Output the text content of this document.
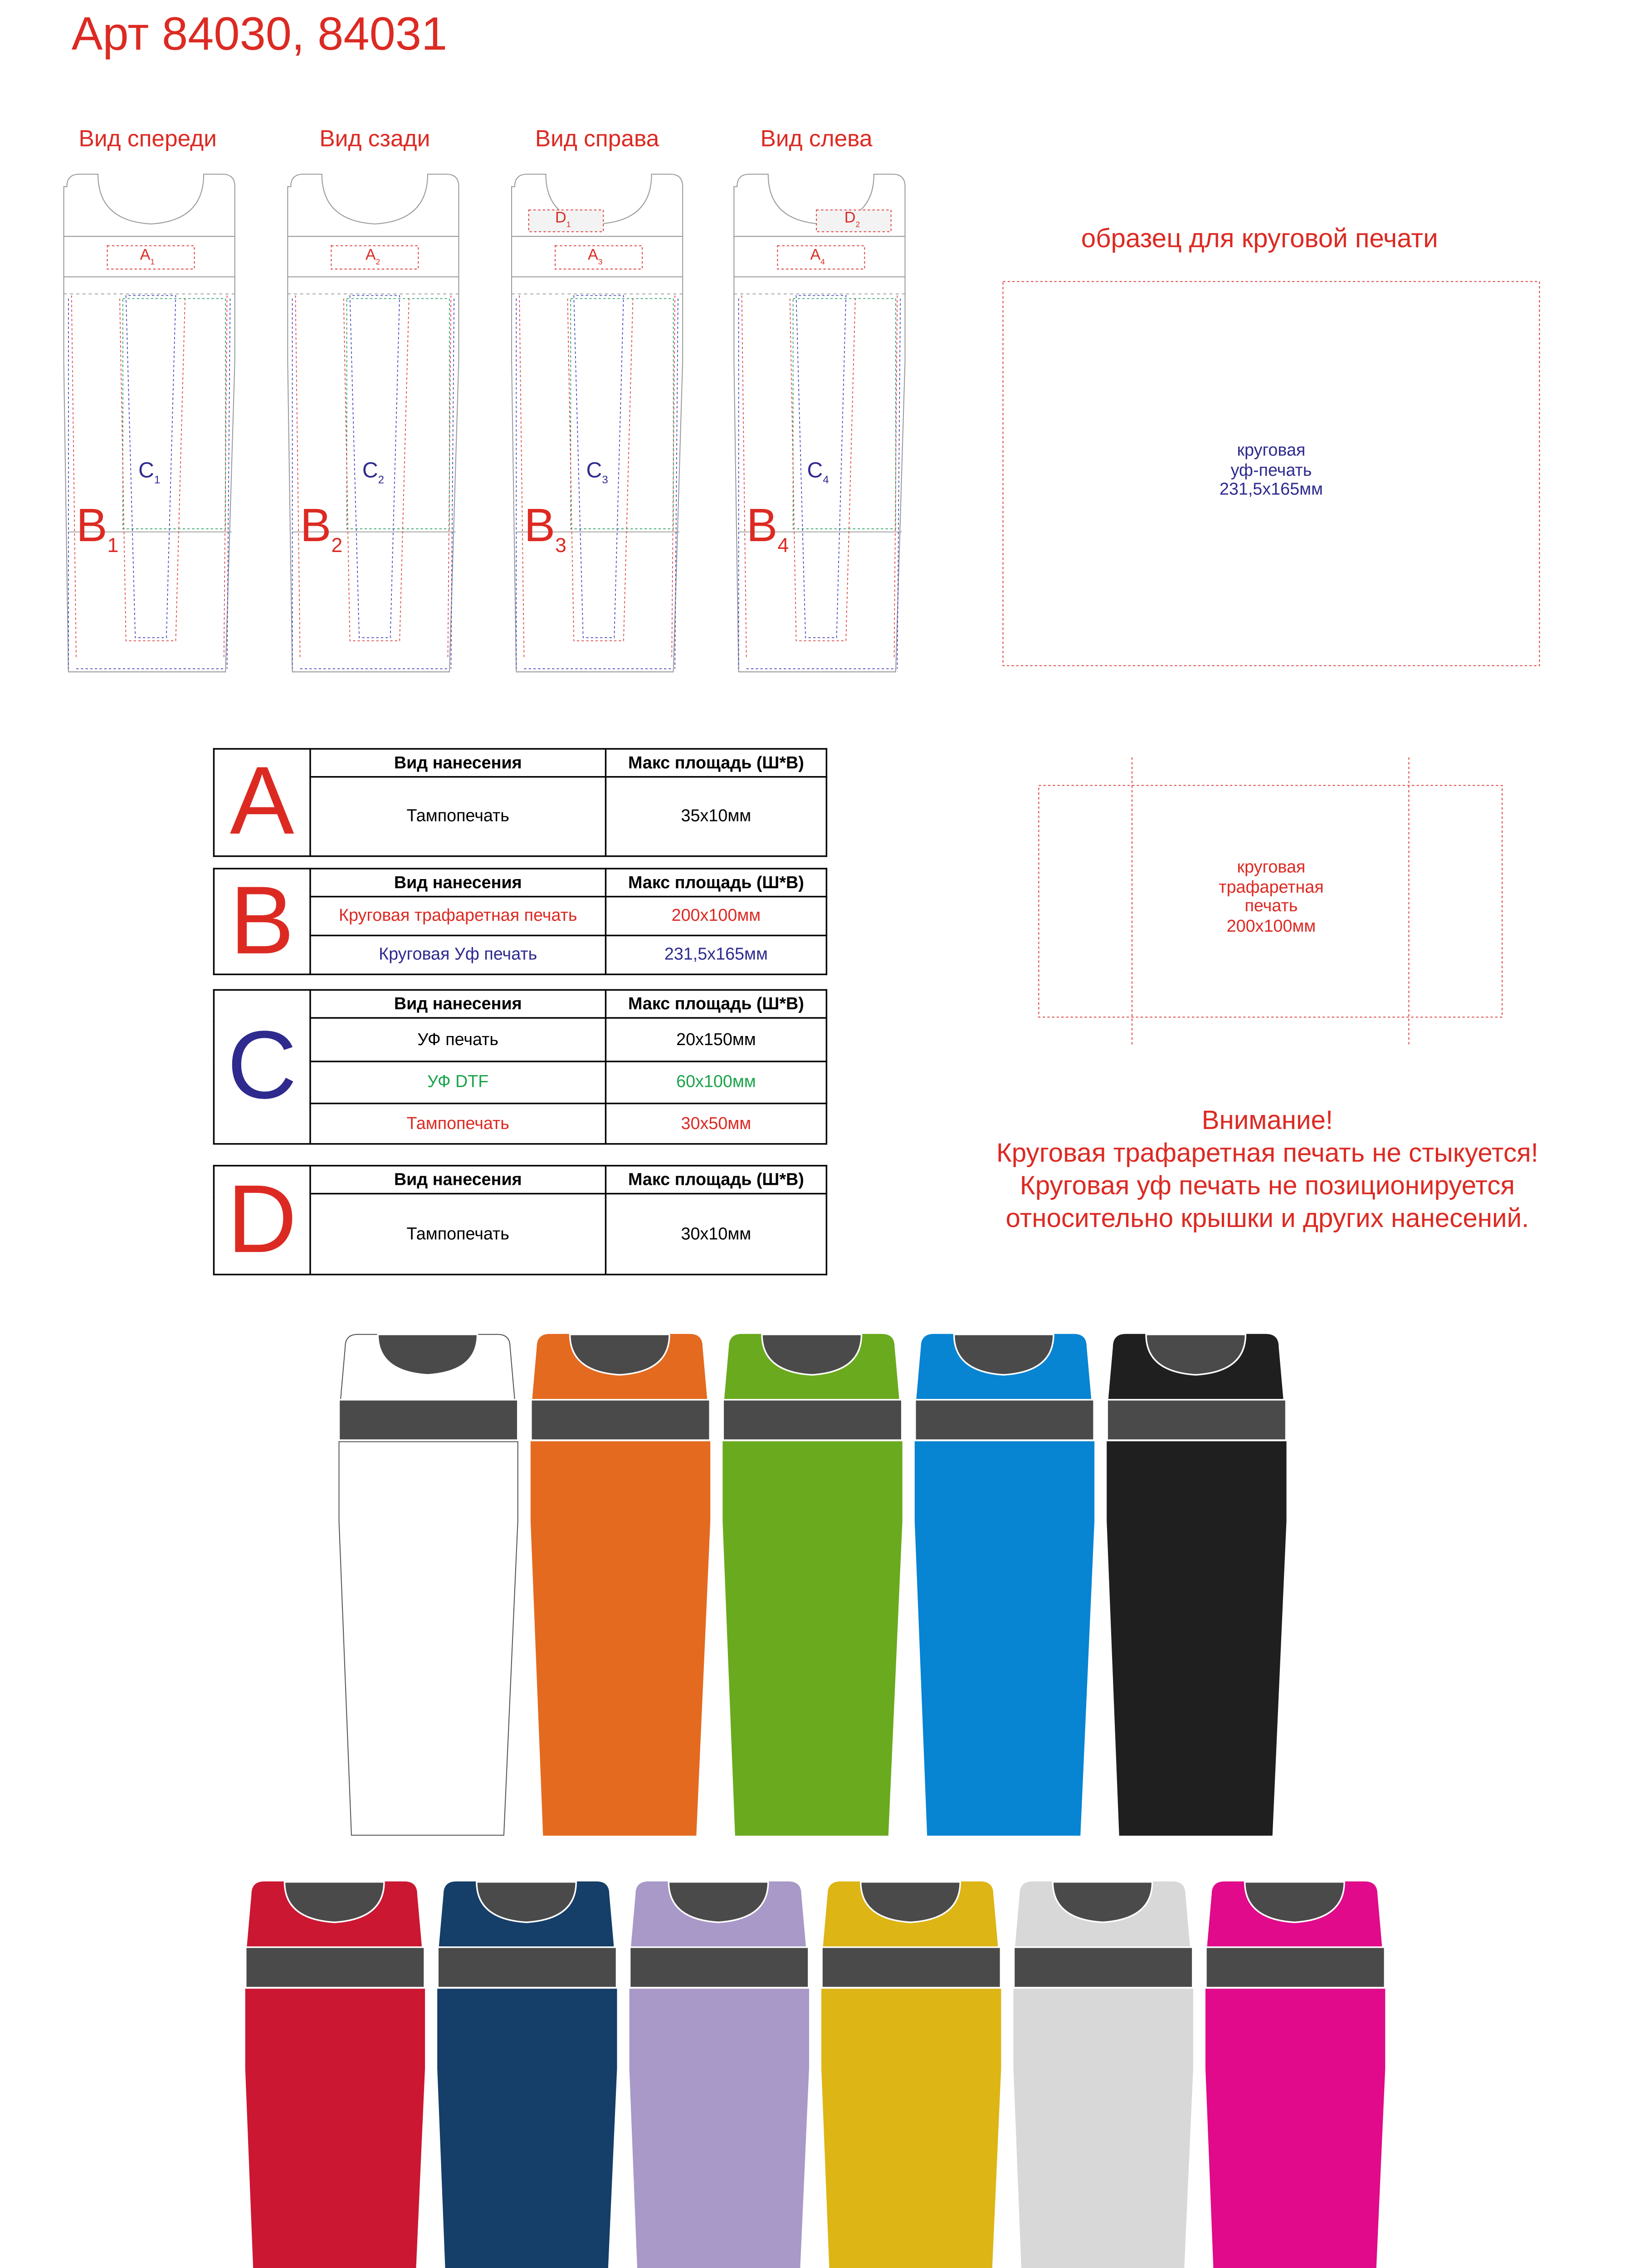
Арт 84030, 84031
Вид спереди	Вид сзади	Вид справа	Вид слева
$A_1$	$A_2$	$A_3$	$A_4$
$D_1$	$D_2$
$C_1$	$C_2$	$C_3$	$C_4$
$B_1$	$B_2$	$B_3$	$B_4$
образец для круговой печати
круговая
уф-печать
231,5х165мм
круговая
трафаретная
печать
200х100мм
A	Вид нанесения	Макс площадь (Ш*В)
	Тампопечать	35х10мм
B	Вид нанесения	Макс площадь (Ш*В)
	Круговая трафаретная печать	200х100мм
	Круговая Уф печать	231,5х165мм
C	Вид нанесения	Макс площадь (Ш*В)
	УФ печать	20х150мм
	УФ DTF	60х100мм
	Тампопечать	30х50мм
D	Вид нанесения	Макс площадь (Ш*В)
	Тампопечать	30х10мм
Внимание!
Круговая трафаретная печать не стыкуется!
Круговая уф печать не позиционируется
относительно крышки и других нанесений.
